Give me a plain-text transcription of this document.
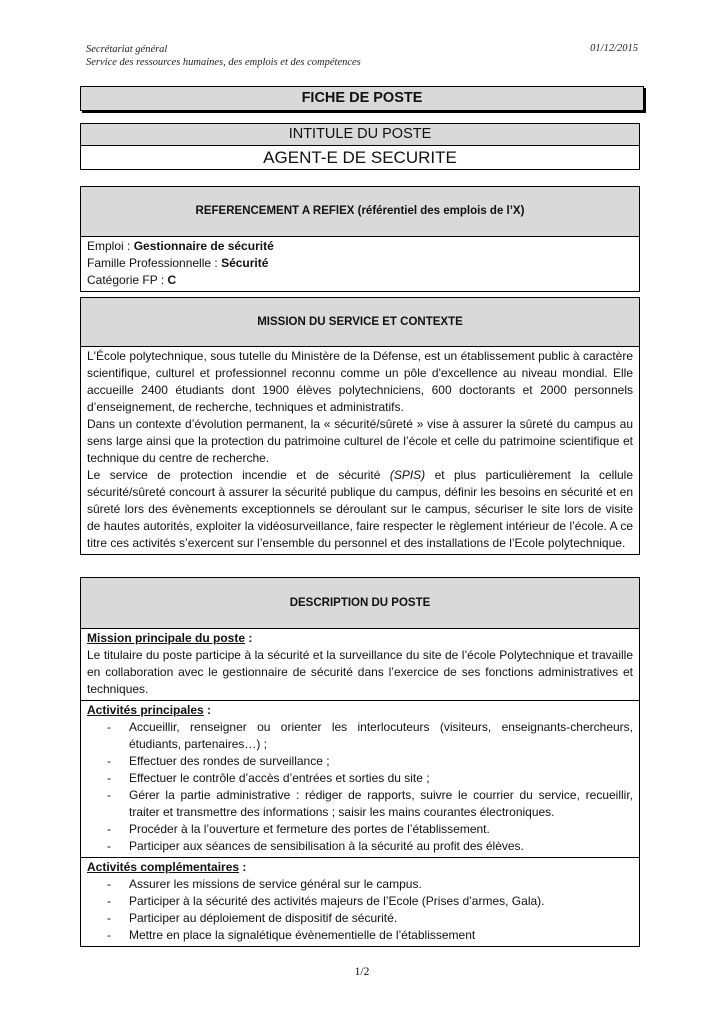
Secrétariat général
Service des ressources humaines, des emplois et des compétences
01/12/2015
FICHE DE POSTE
INTITULE DU POSTE
AGENT-E DE SECURITE
REFERENCEMENT A REFlEX (référentiel des emplois de l’X)
Emploi : Gestionnaire de sécurité
Famille Professionnelle : Sécurité
Catégorie FP : C
MISSION DU SERVICE ET CONTEXTE
L'École polytechnique, sous tutelle du Ministère de la Défense, est un établissement public à caractère scientifique, culturel et professionnel reconnu comme un pôle d'excellence au niveau mondial. Elle accueille 2400 étudiants dont 1900 élèves polytechniciens, 600 doctorants et 2000 personnels d’enseignement, de recherche, techniques et administratifs.
Dans un contexte d’évolution permanent, la « sécurité/sûreté » vise à assurer la sûreté du campus au sens large ainsi que la protection du patrimoine culturel de l’école et celle du patrimoine scientifique et technique du centre de recherche.
Le service de protection incendie et de sécurité (SPIS) et plus particulièrement la cellule sécurité/sûreté concourt à assurer la sécurité publique du campus, définir les besoins en sécurité et en sûreté lors des évènements exceptionnels se déroulant sur le campus, sécuriser le site lors de visite de hautes autorités, exploiter la vidéosurveillance, faire respecter le règlement intérieur de l’école. A ce titre ces activités s’exercent sur l’ensemble du personnel et des installations de l’Ecole polytechnique.
DESCRIPTION DU POSTE
Mission principale du poste :
Le titulaire du poste participe à la sécurité et la surveillance du site de l’école Polytechnique et travaille en collaboration avec le gestionnaire de sécurité dans l’exercice de ses fonctions administratives et techniques.
Activités principales :
- Accueillir, renseigner ou orienter les interlocuteurs (visiteurs, enseignants-chercheurs, étudiants, partenaires…) ;
- Effectuer des rondes de surveillance ;
- Effectuer le contrôle d’accès d’entrées et sorties du site ;
- Gérer la partie administrative : rédiger de rapports, suivre le courrier du service, recueillir, traiter et transmettre des informations ; saisir les mains courantes électroniques.
- Procéder à la l’ouverture et fermeture des portes de l’établissement.
- Participer aux séances de sensibilisation à la sécurité au profit des élèves.
Activités complémentaires :
- Assurer les missions de service général sur le campus.
- Participer à la sécurité des activités majeurs de l’Ecole (Prises d’armes, Gala).
- Participer au déploiement de dispositif de sécurité.
- Mettre en place la signalétique évènementielle de l’établissement
1/2
